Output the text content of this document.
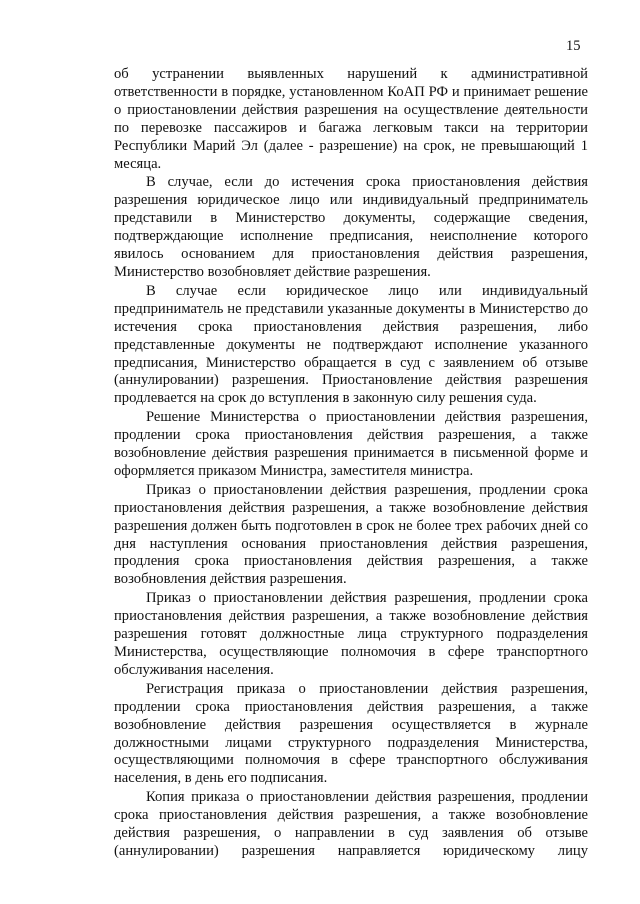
15

об устранении выявленных нарушений к административной ответственности в порядке, установленном КоАП РФ и принимает решение о приостановлении действия разрешения на осуществление деятельности по перевозке пассажиров и багажа легковым такси на территории Республики Марий Эл (далее - разрешение) на срок, не превышающий 1 месяца.

В случае, если до истечения срока приостановления действия разрешения юридическое лицо или индивидуальный предприниматель представили в Министерство документы, содержащие сведения, подтверждающие исполнение предписания, неисполнение которого явилось основанием для приостановления действия разрешения, Министерство возобновляет действие разрешения.

В случае если юридическое лицо или индивидуальный предприниматель не представили указанные документы в Министерство до истечения срока приостановления действия разрешения, либо представленные документы не подтверждают исполнение указанного предписания, Министерство обращается в суд с заявлением об отзыве (аннулировании) разрешения. Приостановление действия разрешения продлевается на срок до вступления в законную силу решения суда.

Решение Министерства о приостановлении действия разрешения, продлении срока приостановления действия разрешения, а также возобновление действия разрешения принимается в письменной форме и оформляется приказом Министра, заместителя министра.

Приказ о приостановлении действия разрешения, продлении срока приостановления действия разрешения, а также возобновление действия разрешения должен быть подготовлен в срок не более трех рабочих дней со дня наступления основания приостановления действия разрешения, продления срока приостановления действия разрешения, а также возобновления действия разрешения.

Приказ о приостановлении действия разрешения, продлении срока приостановления действия разрешения, а также возобновление действия разрешения готовят должностные лица структурного подразделения Министерства, осуществляющие полномочия в сфере транспортного обслуживания населения.

Регистрация приказа о приостановлении действия разрешения, продлении срока приостановления действия разрешения, а также возобновление действия разрешения осуществляется в журнале должностными лицами структурного подразделения Министерства, осуществляющими полномочия в сфере транспортного обслуживания населения, в день его подписания.

Копия приказа о приостановлении действия разрешения, продлении срока приостановления действия разрешения, а также возобновление действия разрешения, о направлении в суд заявления об отзыве (аннулировании) разрешения направляется юридическому лицу
